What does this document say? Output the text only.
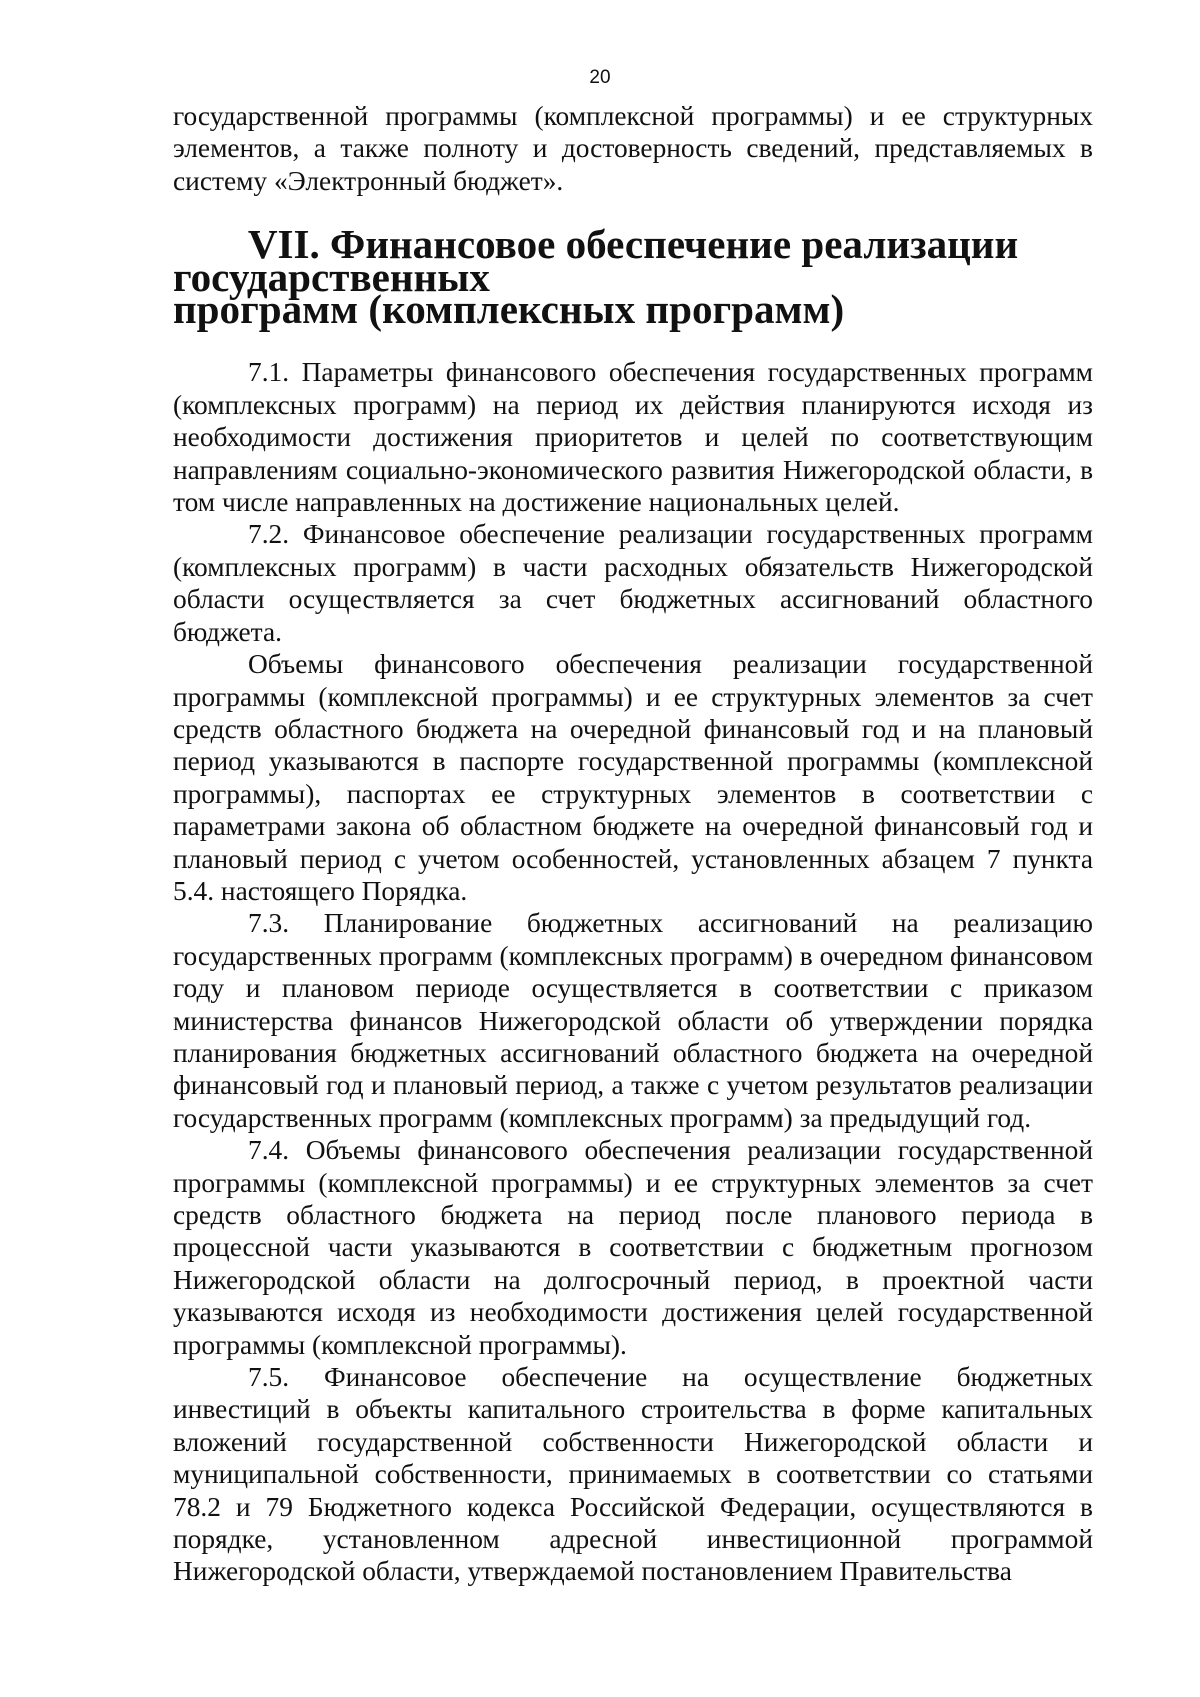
20

государственной программы (комплексной программы) и ее структурных элементов, а также полноту и достоверность сведений, представляемых в систему «Электронный бюджет».

VII. Финансовое обеспечение реализации государственных
программ (комплексных программ)

7.1. Параметры финансового обеспечения государственных программ (комплексных программ) на период их действия планируются исходя из необходимости достижения приоритетов и целей по соответствующим направлениям социально-экономического развития Нижегородской области, в том числе направленных на достижение национальных целей.

7.2. Финансовое обеспечение реализации государственных программ (комплексных программ) в части расходных обязательств Нижегородской области осуществляется за счет бюджетных ассигнований областного бюджета.

Объемы финансового обеспечения реализации государственной программы (комплексной программы) и ее структурных элементов за счет средств областного бюджета на очередной финансовый год и на плановый период указываются в паспорте государственной программы (комплексной программы), паспортах ее структурных элементов в соответствии с параметрами закона об областном бюджете на очередной финансовый год и плановый период с учетом особенностей, установленных абзацем 7 пункта 5.4. настоящего Порядка.

7.3. Планирование бюджетных ассигнований на реализацию государственных программ (комплексных программ) в очередном финансовом году и плановом периоде осуществляется в соответствии с приказом министерства финансов Нижегородской области об утверждении порядка планирования бюджетных ассигнований областного бюджета на очередной финансовый год и плановый период, а также с учетом результатов реализации государственных программ (комплексных программ) за предыдущий год.

7.4. Объемы финансового обеспечения реализации государственной программы (комплексной программы) и ее структурных элементов за счет средств областного бюджета на период после планового периода в процессной части указываются в соответствии с бюджетным прогнозом Нижегородской области на долгосрочный период, в проектной части указываются исходя из необходимости достижения целей государственной программы (комплексной программы).

7.5. Финансовое обеспечение на осуществление бюджетных инвестиций в объекты капитального строительства в форме капитальных вложений государственной собственности Нижегородской области и муниципальной собственности, принимаемых в соответствии со статьями 78.2 и 79 Бюджетного кодекса Российской Федерации, осуществляются в порядке, установленном адресной инвестиционной программой Нижегородской области, утверждаемой постановлением Правительства
